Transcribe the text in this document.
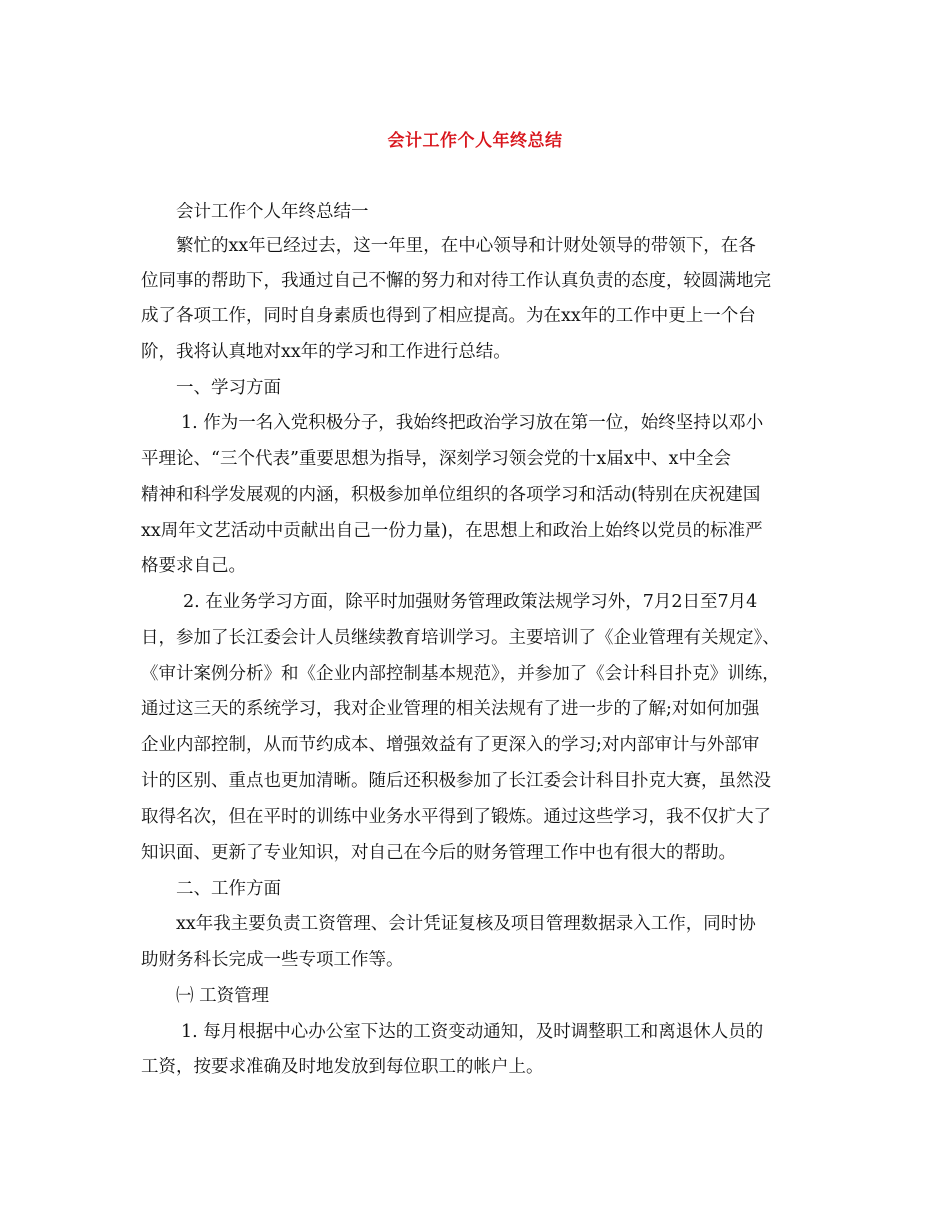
会计工作个人年终总结
会计工作个人年终总结一
繁忙的xx年已经过去，这一年里，在中心领导和计财处领导的带领下，在各
位同事的帮助下，我通过自己不懈的努力和对待工作认真负责的态度，较圆满地完
成了各项工作，同时自身素质也得到了相应提高。为在xx年的工作中更上一个台
阶，我将认真地对xx年的学习和工作进行总结。
一、学习方面
1. 作为一名入党积极分子，我始终把政治学习放在第一位，始终坚持以邓小
平理论、“三个代表”重要思想为指导，深刻学习领会党的十x届x中、x中全会
精神和科学发展观的内涵，积极参加单位组织的各项学习和活动(特别在庆祝建国
xx周年文艺活动中贡献出自己一份力量)，在思想上和政治上始终以党员的标准严
格要求自己。
2. 在业务学习方面，除平时加强财务管理政策法规学习外，7月2日至7月4
日，参加了长江委会计人员继续教育培训学习。主要培训了《企业管理有关规定》、
《审计案例分析》和《企业内部控制基本规范》，并参加了《会计科目扑克》训练，
通过这三天的系统学习，我对企业管理的相关法规有了进一步的了解;对如何加强
企业内部控制，从而节约成本、增强效益有了更深入的学习;对内部审计与外部审
计的区别、重点也更加清晰。随后还积极参加了长江委会计科目扑克大赛，虽然没
取得名次，但在平时的训练中业务水平得到了锻炼。通过这些学习，我不仅扩大了
知识面、更新了专业知识，对自己在今后的财务管理工作中也有很大的帮助。
二、工作方面
xx年我主要负责工资管理、会计凭证复核及项目管理数据录入工作，同时协
助财务科长完成一些专项工作等。
㈠ 工资管理
1. 每月根据中心办公室下达的工资变动通知，及时调整职工和离退休人员的
工资，按要求准确及时地发放到每位职工的帐户上。
